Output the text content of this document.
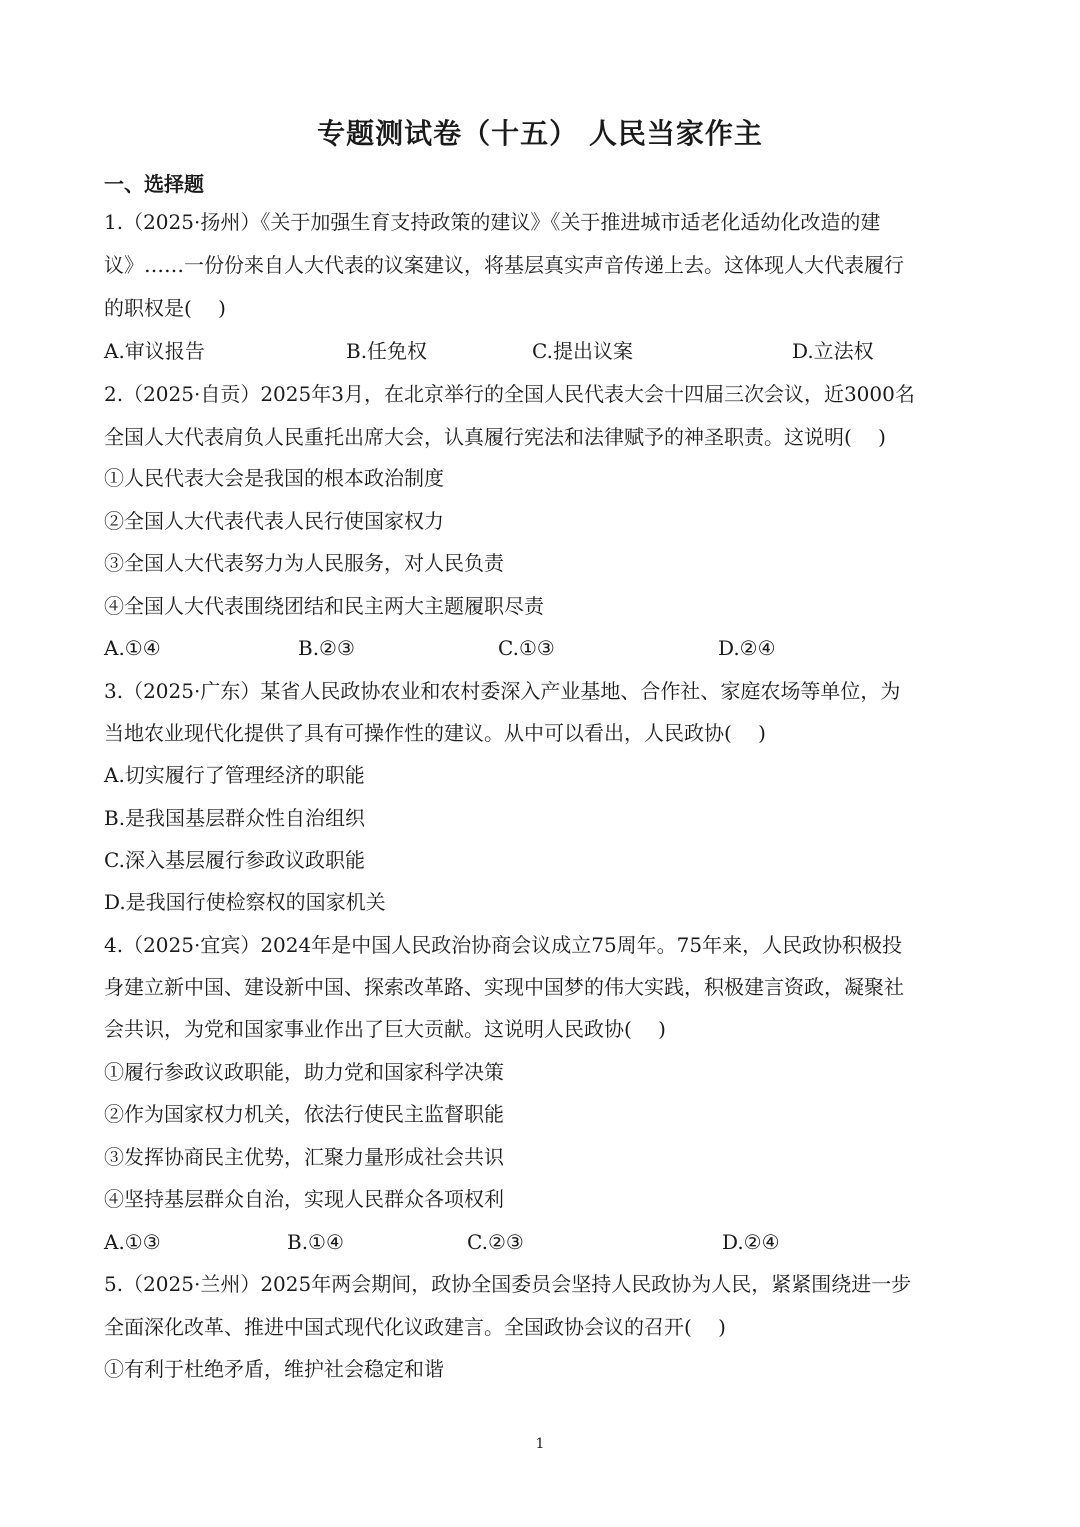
专题测试卷（十五） 人民当家作主
一、选择题
1.（2025·扬州）《关于加强生育支持政策的建议》《关于推进城市适老化适幼化改造的建
议》……一份份来自人大代表的议案建议，将基层真实声音传递上去。这体现人大代表履行
的职权是(　 )
A.审议报告	B.任免权	C.提出议案	D.立法权
2.（2025·自贡）2025年3月，在北京举行的全国人民代表大会十四届三次会议，近3000名
全国人大代表肩负人民重托出席大会，认真履行宪法和法律赋予的神圣职责。这说明(　 )
①人民代表大会是我国的根本政治制度
②全国人大代表代表人民行使国家权力
③全国人大代表努力为人民服务，对人民负责
④全国人大代表围绕团结和民主两大主题履职尽责
A.①④	B.②③	C.①③	D.②④
3.（2025·广东）某省人民政协农业和农村委深入产业基地、合作社、家庭农场等单位，为
当地农业现代化提供了具有可操作性的建议。从中可以看出，人民政协(　 )
A.切实履行了管理经济的职能
B.是我国基层群众性自治组织
C.深入基层履行参政议政职能
D.是我国行使检察权的国家机关
4.（2025·宜宾）2024年是中国人民政治协商会议成立75周年。75年来，人民政协积极投
身建立新中国、建设新中国、探索改革路、实现中国梦的伟大实践，积极建言资政，凝聚社
会共识，为党和国家事业作出了巨大贡献。这说明人民政协(　 )
①履行参政议政职能，助力党和国家科学决策
②作为国家权力机关，依法行使民主监督职能
③发挥协商民主优势，汇聚力量形成社会共识
④坚持基层群众自治，实现人民群众各项权利
A.①③	B.①④	C.②③	D.②④
5.（2025·兰州）2025年两会期间，政协全国委员会坚持人民政协为人民，紧紧围绕进一步
全面深化改革、推进中国式现代化议政建言。全国政协会议的召开(　 )
①有利于杜绝矛盾，维护社会稳定和谐
1
